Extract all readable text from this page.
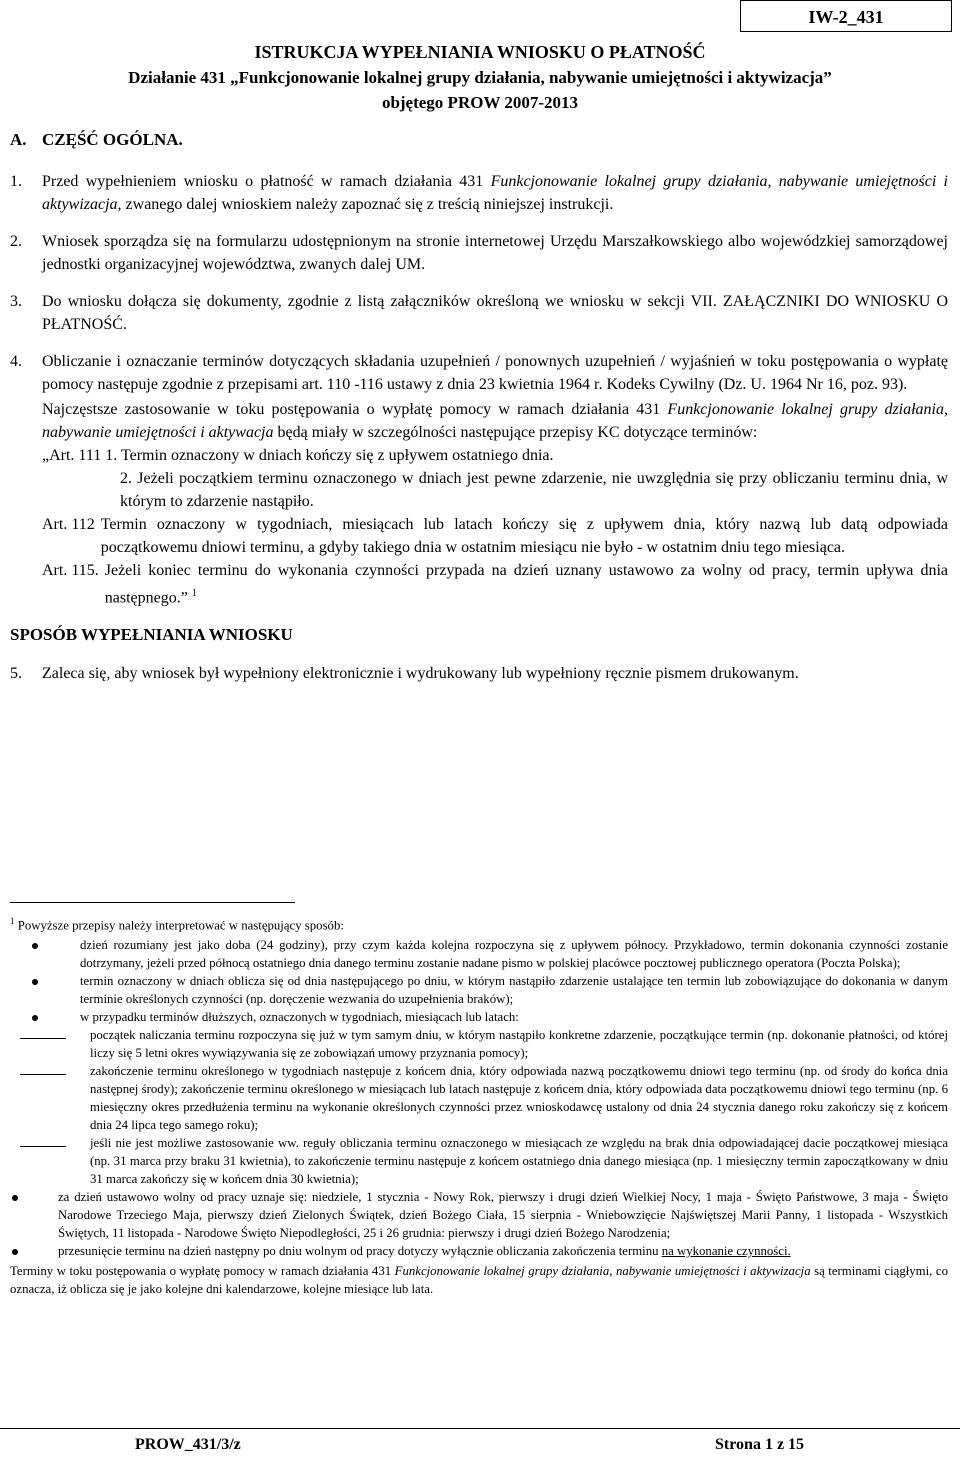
IW-2_431
ISTRUKCJA WYPEŁNIANIA WNIOSKU O PŁATNOŚĆ
Działanie 431 „Funkcjonowanie lokalnej grupy działania, nabywanie umiejętności i aktywizacja”
objętego PROW 2007-2013
A. CZĘŚĆ OGÓLNA.
1.	Przed wypełnieniem wniosku o płatność w ramach działania 431 Funkcjonowanie lokalnej grupy działania, nabywanie umiejętności i aktywizacja, zwanego dalej wnioskiem należy zapoznać się z treścią niniejszej instrukcji.
2.	Wniosek sporządza się na formularzu udostępnionym na stronie internetowej Urzędu Marszałkowskiego albo wojewódzkiej samorządowej jednostki organizacyjnej województwa, zwanych dalej UM.
3.	Do wniosku dołącza się dokumenty, zgodnie z listą załączników określoną we wniosku w sekcji VII. ZAŁĄCZNIKI DO WNIOSKU O PŁATNOŚĆ.
4.	Obliczanie i oznaczanie terminów dotyczących składania uzupełnień / ponownych uzupełnień / wyjaśnień w toku postępowania o wypłatę pomocy następuje zgodnie z przepisami art. 110 -116 ustawy z dnia 23 kwietnia 1964 r. Kodeks Cywilny (Dz. U. 1964 Nr 16, poz. 93).
Najczęstsze zastosowanie w toku postępowania o wypłatę pomocy w ramach działania 431 Funkcjonowanie lokalnej grupy działania, nabywanie umiejętności i aktywacja będą miały w szczególności następujące przepisy KC dotyczące terminów:
„Art. 111 1. Termin oznaczony w dniach kończy się z upływem ostatniego dnia.
2. Jeżeli początkiem terminu oznaczonego w dniach jest pewne zdarzenie, nie uwzględnia się przy obliczaniu terminu dnia, w którym to zdarzenie nastąpiło.
Art. 112 Termin oznaczony w tygodniach, miesiącach lub latach kończy się z upływem dnia, który nazwą lub datą odpowiada początkowemu dniowi terminu, a gdyby takiego dnia w ostatnim miesiącu nie było - w ostatnim dniu tego miesiąca.
Art. 115. Jeżeli koniec terminu do wykonania czynności przypada na dzień uznany ustawowo za wolny od pracy, termin upływa dnia następnego.” $^1$
SPOSÓB WYPEŁNIANIA WNIOSKU
5.	Zaleca się, aby wniosek był wypełniony elektronicznie i wydrukowany lub wypełniony ręcznie pismem drukowanym.
$^1$ Powyższe przepisy należy interpretować w następujący sposób:
dzień rozumiany jest jako doba (24 godziny), przy czym każda kolejna rozpoczyna się z upływem północy. Przykładowo, termin dokonania czynności zostanie dotrzymany, jeżeli przed północą ostatniego dnia danego terminu zostanie nadane pismo w polskiej placówce pocztowej publicznego operatora (Poczta Polska);
termin oznaczony w dniach oblicza się od dnia następującego po dniu, w którym nastąpiło zdarzenie ustalające ten termin lub zobowiązujące do dokonania w danym terminie określonych czynności (np. doręczenie wezwania do uzupełnienia braków);
w przypadku terminów dłuższych, oznaczonych w tygodniach, miesiącach lub latach:
początek naliczania terminu rozpoczyna się już w tym samym dniu, w którym nastąpiło konkretne zdarzenie, początkujące termin (np. dokonanie płatności, od której liczy się 5 letni okres wywiązywania się ze zobowiązań umowy przyznania pomocy);
zakończenie terminu określonego w tygodniach następuje z końcem dnia, który odpowiada nazwą początkowemu dniowi tego terminu (np. od środy do końca dnia następnej środy); zakończenie terminu określonego w miesiącach lub latach następuje z końcem dnia, który odpowiada data początkowemu dniowi tego terminu (np. 6 miesięczny okres przedłużenia terminu na wykonanie określonych czynności przez wnioskodawcę ustalony od dnia 24 stycznia danego roku zakończy się z końcem dnia 24 lipca tego samego roku);
jeśli nie jest możliwe zastosowanie ww. reguły obliczania terminu oznaczonego w miesiącach ze względu na brak dnia odpowiadającej dacie początkowej miesiąca (np. 31 marca przy braku 31 kwietnia), to zakończenie terminu następuje z końcem ostatniego dnia danego miesiąca (np. 1 miesięczny termin zapoczątkowany w dniu 31 marca zakończy się w końcem dnia 30 kwietnia);
za dzień ustawowo wolny od pracy uznaje się: niedziele, 1 stycznia - Nowy Rok, pierwszy i drugi dzień Wielkiej Nocy, 1 maja - Święto Państwowe, 3 maja - Święto Narodowe Trzeciego Maja, pierwszy dzień Zielonych Świątek, dzień Bożego Ciała, 15 sierpnia - Wniebowzięcie Najświętszej Marii Panny, 1 listopada - Wszystkich Świętych, 11 listopada - Narodowe Święto Niepodległości, 25 i 26 grudnia: pierwszy i drugi dzień Bożego Narodzenia;
przesunięcie terminu na dzień następny po dniu wolnym od pracy dotyczy wyłącznie obliczania zakończenia terminu na wykonanie czynności.
Terminy w toku postępowania o wypłatę pomocy w ramach działania 431 Funkcjonowanie lokalnej grupy działania, nabywanie umiejętności i aktywizacja są terminami ciągłymi, co oznacza, iż oblicza się je jako kolejne dni kalendarzowe, kolejne miesiące lub lata.
PROW_431/3/z	Strona 1 z 15
